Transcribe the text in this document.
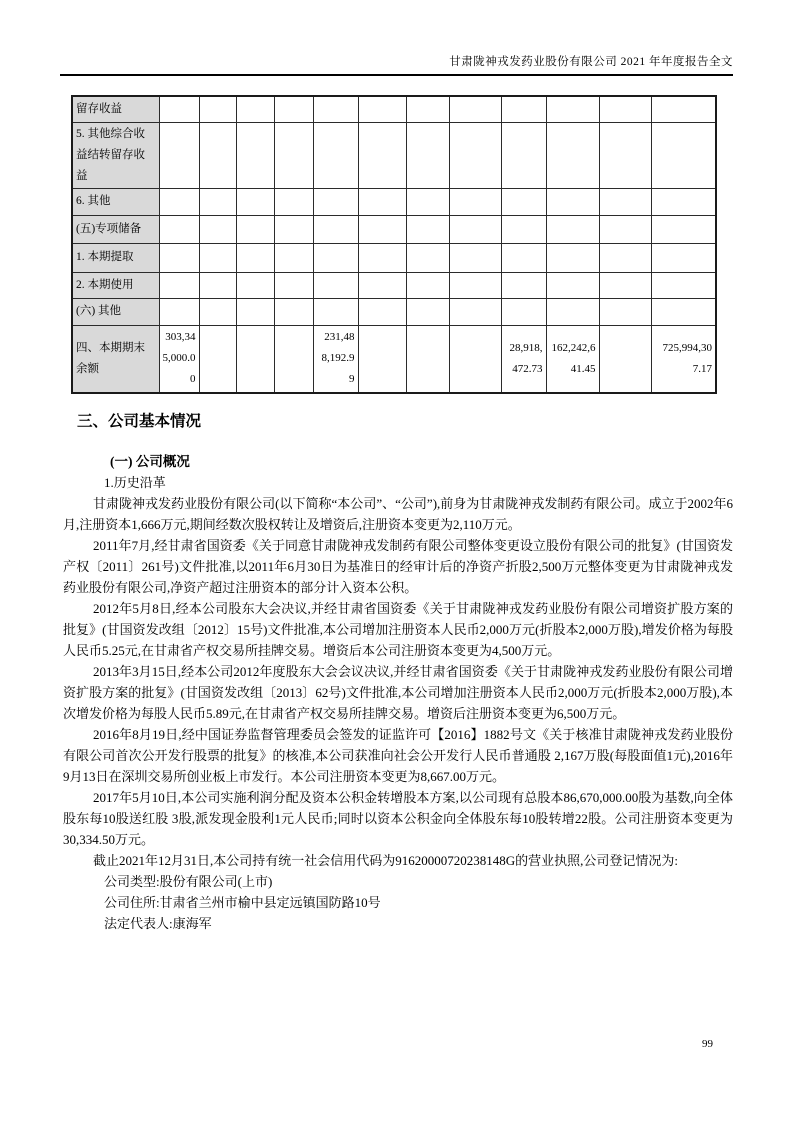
甘肃陇神戎发药业股份有限公司 2021 年年度报告全文
留存收益												
5. 其他综合收益结转留存收益												
6. 其他												
(五)专项储备												
1. 本期提取												
2. 本期使用												
(六) 其他												
四、本期期末余额	303,345,000.00				231,488,192.99				28,918,472.73	162,242,641.45		725,994,307.17
三、公司基本情况
(一) 公司概况
1.历史沿革

甘肃陇神戎发药业股份有限公司(以下简称“本公司”、“公司”),前身为甘肃陇神戎发制药有限公司。成立于2002年6月,注册资本1,666万元,期间经数次股权转让及增资后,注册资本变更为2,110万元。

2011年7月,经甘肃省国资委《关于同意甘肃陇神戎发制药有限公司整体变更设立股份有限公司的批复》(甘国资发产权〔2011〕261号)文件批准,以2011年6月30日为基准日的经审计后的净资产折股2,500万元整体变更为甘肃陇神戎发药业股份有限公司,净资产超过注册资本的部分计入资本公积。

2012年5月8日,经本公司股东大会决议,并经甘肃省国资委《关于甘肃陇神戎发药业股份有限公司增资扩股方案的批复》(甘国资发改组〔2012〕15号)文件批准,本公司增加注册资本人民币2,000万元(折股本2,000万股),增发价格为每股人民币5.25元,在甘肃省产权交易所挂牌交易。增资后本公司注册资本变更为4,500万元。

2013年3月15日,经本公司2012年度股东大会会议决议,并经甘肃省国资委《关于甘肃陇神戎发药业股份有限公司增资扩股方案的批复》(甘国资发改组〔2013〕62号)文件批准,本公司增加注册资本人民币2,000万元(折股本2,000万股),本次增发价格为每股人民币5.89元,在甘肃省产权交易所挂牌交易。增资后注册资本变更为6,500万元。

2016年8月19日,经中国证券监督管理委员会签发的证监许可【2016】1882号文《关于核准甘肃陇神戎发药业股份有限公司首次公开发行股票的批复》的核准,本公司获准向社会公开发行人民币普通股 2,167万股(每股面值1元),2016年9月13日在深圳交易所创业板上市发行。本公司注册资本变更为8,667.00万元。

2017年5月10日,本公司实施利润分配及资本公积金转增股本方案,以公司现有总股本86,670,000.00股为基数,向全体股东每10股送红股 3股,派发现金股利1元人民币;同时以资本公积金向全体股东每10股转增22股。公司注册资本变更为30,334.50万元。

截止2021年12月31日,本公司持有统一社会信用代码为91620000720238148G的营业执照,公司登记情况为:

公司类型:股份有限公司(上市)

公司住所:甘肃省兰州市榆中县定远镇国防路10号

法定代表人:康海军

99
